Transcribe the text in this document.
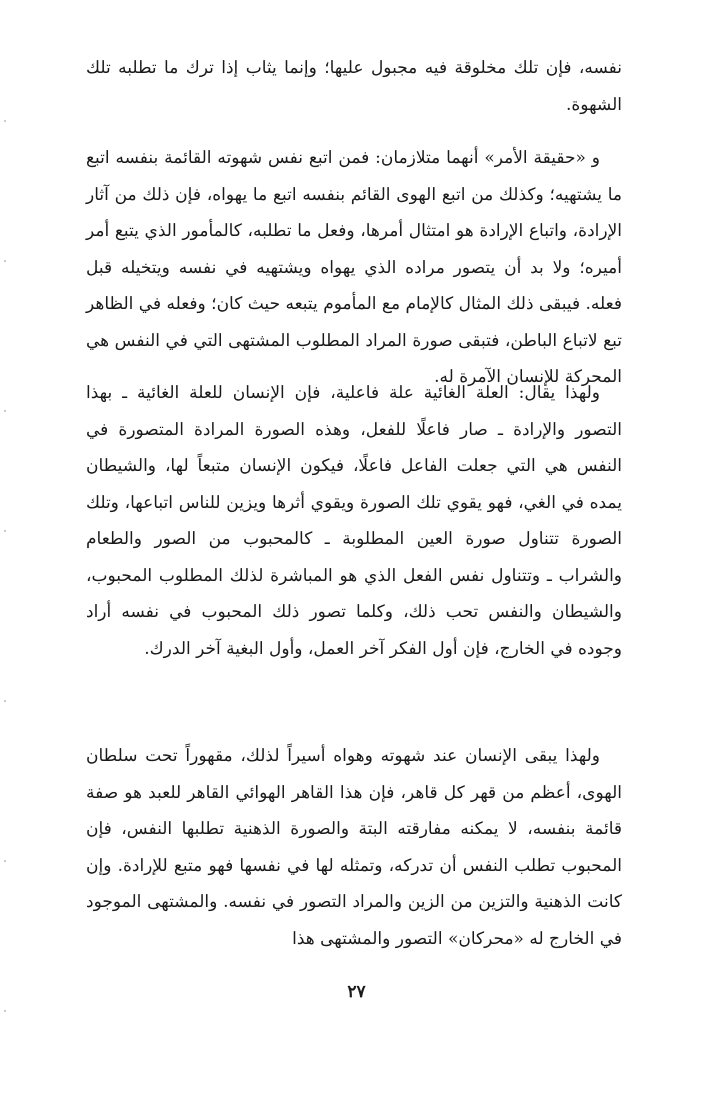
نفسه، فإن تلك مخلوقة فيه مجبول عليها؛ وإنما يثاب إذا ترك ما تطلبه تلك الشهوة.

و «حقيقة الأمر» أنهما متلازمان: فمن اتبع نفس شهوته القائمة بنفسه اتبع ما يشتهيه؛ وكذلك من اتبع الهوى القائم بنفسه اتبع ما يهواه، فإن ذلك من آثار الإرادة، واتباع الإرادة هو امتثال أمرها، وفعل ما تطلبه، كالمأمور الذي يتبع أمر أميره؛ ولا بد أن يتصور مراده الذي يهواه ويشتهيه في نفسه ويتخيله قبل فعله. فيبقى ذلك المثال كالإمام مع المأموم يتبعه حيث كان؛ وفعله في الظاهر تبع لاتباع الباطن، فتبقى صورة المراد المطلوب المشتهى التي في النفس هي المحركة للإنسان الآمرة له.

ولهذا يقال: العلة الغائية علة فاعلية، فإن الإنسان للعلة الغائية ـ بهذا التصور والإرادة ـ صار فاعلًا للفعل، وهذه الصورة المرادة المتصورة في النفس هي التي جعلت الفاعل فاعلًا، فيكون الإنسان متبعاً لها، والشيطان يمده في الغي، فهو يقوي تلك الصورة ويقوي أثرها ويزين للناس اتباعها، وتلك الصورة تتناول صورة العين المطلوبة ـ كالمحبوب من الصور والطعام والشراب ـ وتتناول نفس الفعل الذي هو المباشرة لذلك المطلوب المحبوب، والشيطان والنفس تحب ذلك، وكلما تصور ذلك المحبوب في نفسه أراد وجوده في الخارج، فإن أول الفكر آخر العمل، وأول البغية آخر الدرك.

ولهذا يبقى الإنسان عند شهوته وهواه أسيراً لذلك، مقهوراً تحت سلطان الهوى، أعظم من قهر كل قاهر، فإن هذا القاهر الهوائي القاهر للعبد هو صفة قائمة بنفسه، لا يمكنه مفارقته البتة والصورة الذهنية تطلبها النفس، فإن المحبوب تطلب النفس أن تدركه، وتمثله لها في نفسها فهو متبع للإرادة. وإن كانت الذهنية والتزين من الزين والمراد التصور في نفسه. والمشتهى الموجود في الخارج له «محركان» التصور والمشتهى هذا

٢٧
